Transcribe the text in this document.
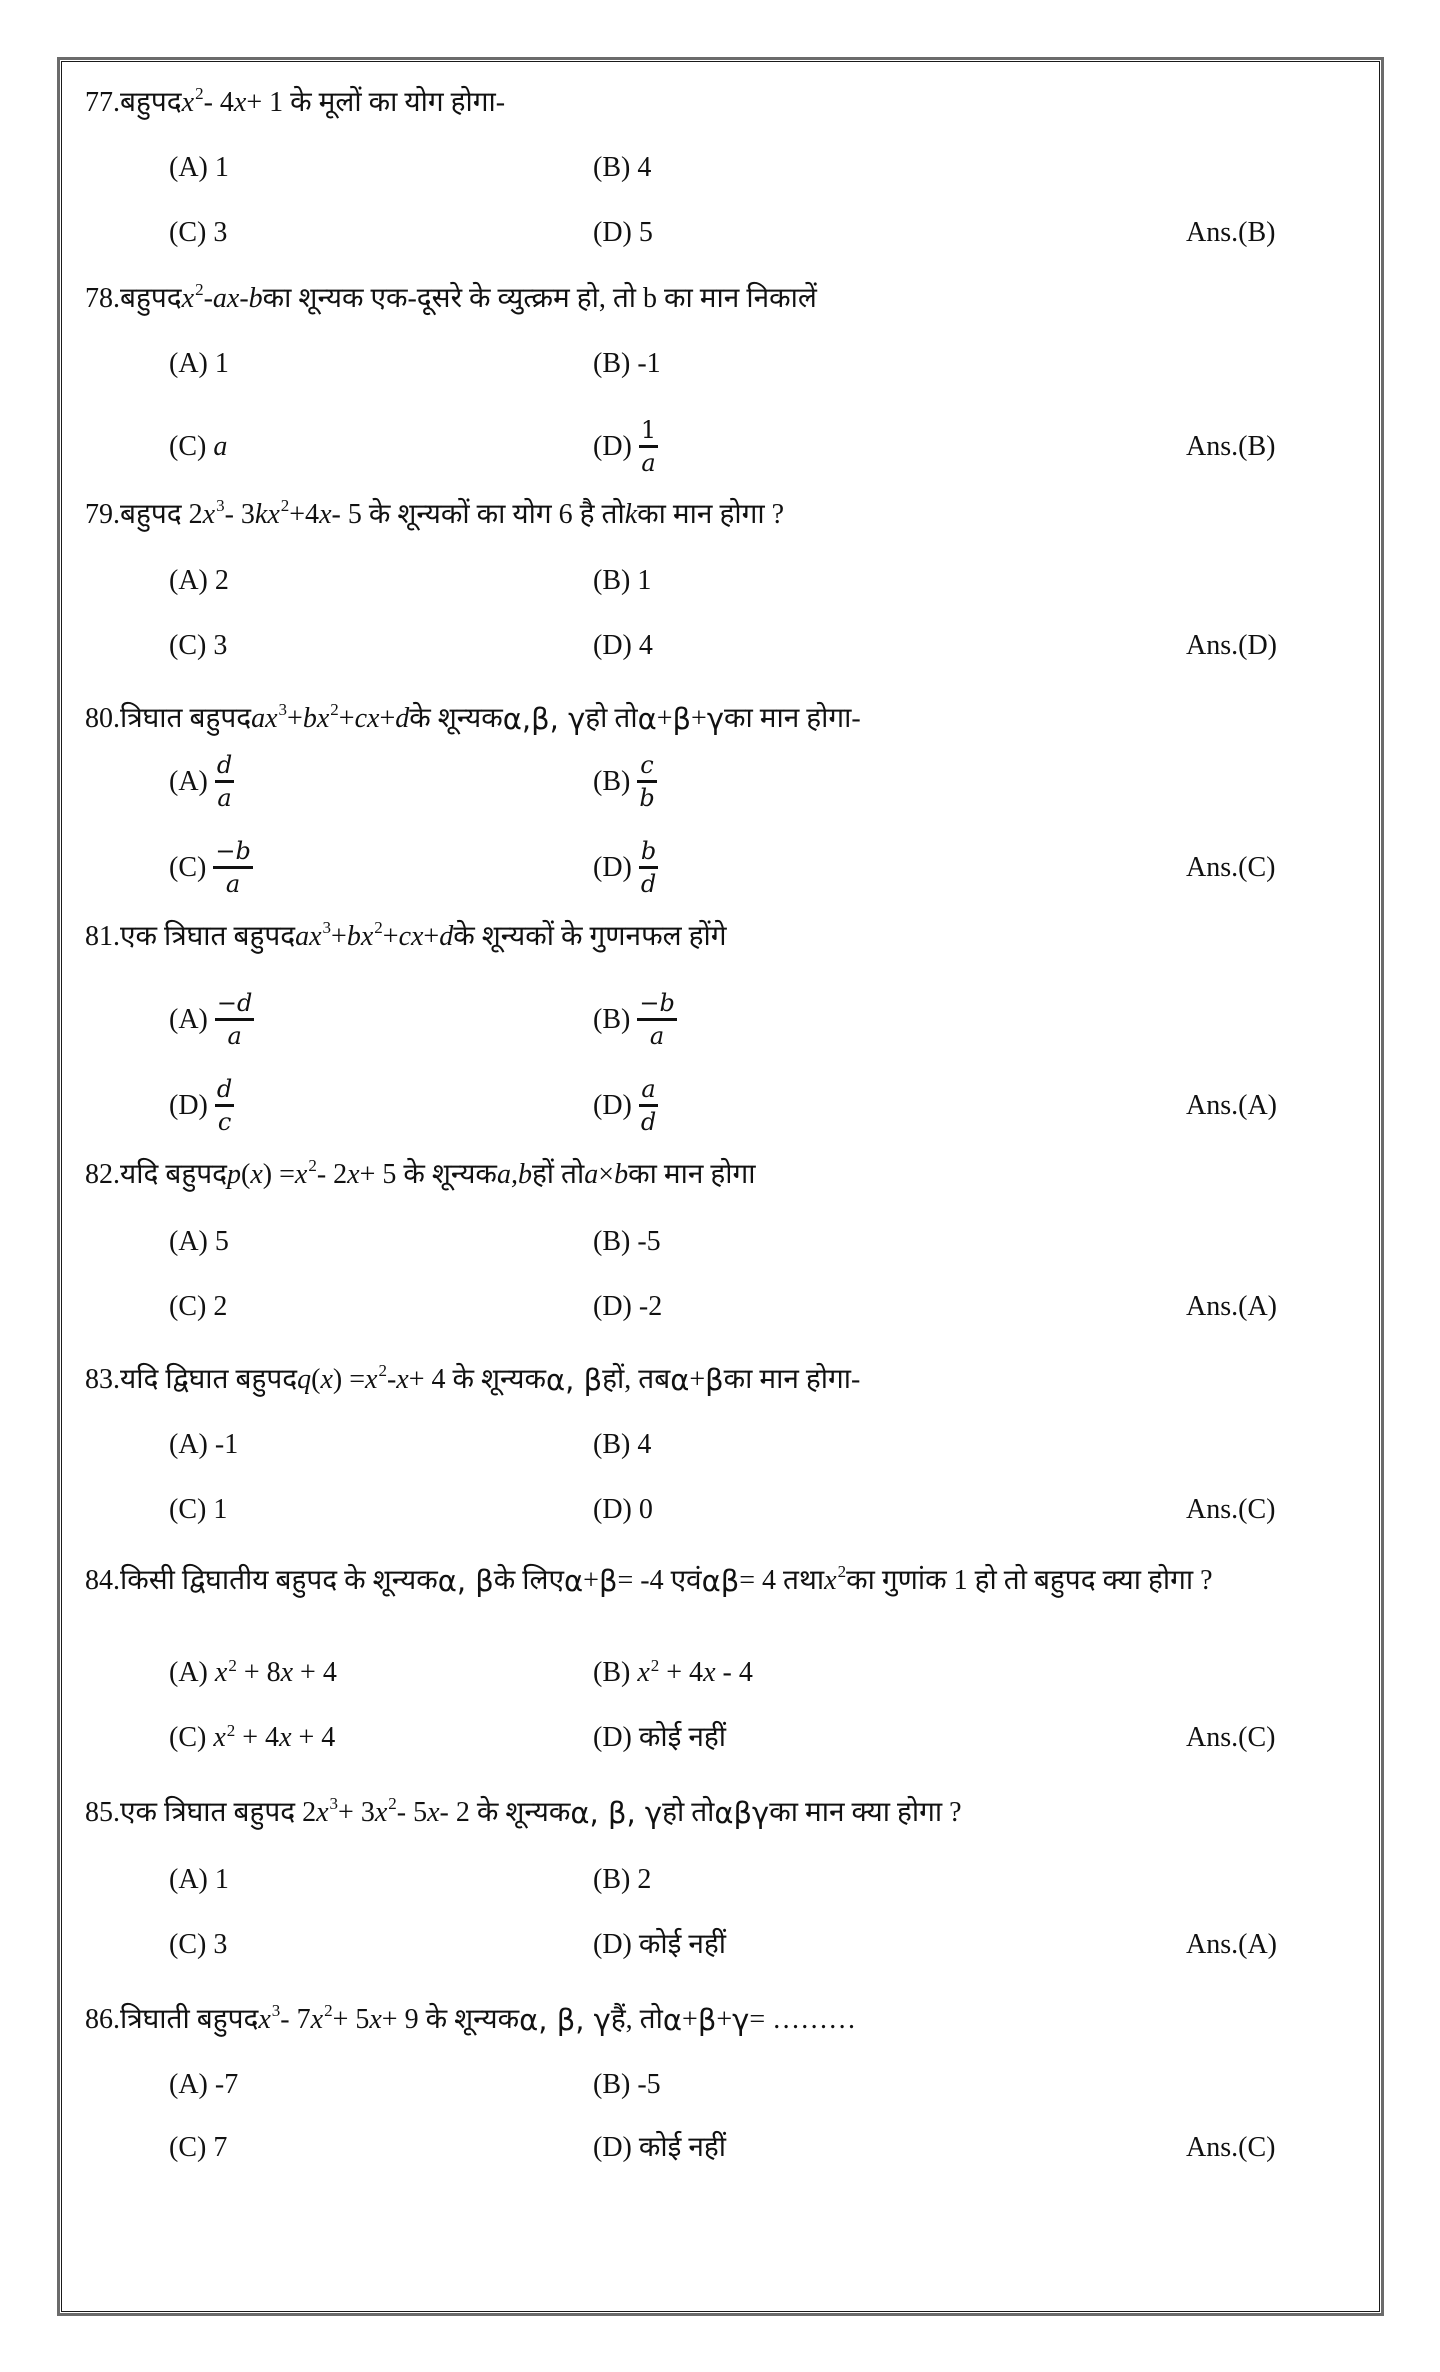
77. बहुपद x 2 - 4 x + 1 के मूलों का योग होगा-
(A) 1	(B) 4
(C) 3	(D) 5	Ans. (B)
78. बहुपद x 2 - ax - b का शून्यक एक-दूसरे के व्युत्क्रम हो, तो b का मान निकालें
(A) 1	(B) -1
(C) a	$(D) \frac{1}{a}$	Ans. (B)
79. बहुपद 2 x 3 - 3 kx 2 +4 x - 5 के शून्यकों का योग 6 है तो k का मान होगा ?
(A) 2	(B) 1
(C) 3	(D) 4	Ans. (D)
80. त्रिघात बहुपद ax 3 + bx 2 + cx + d के शून्यक α,β, γ हो तो α + β + γ का मान होगा-
$(A) \frac{d}{a}$	$(B) \frac{c}{b}$
$(C) \frac{-b}{a}$	$(D) \frac{b}{d}$	Ans. (C)
81. एक त्रिघात बहुपद ax 3 + bx 2 + cx + d के शून्यकों के गुणनफल होंगे
$(A) \frac{-d}{a}$	$(B) \frac{-b}{a}$
$(D) \frac{d}{c}$	$(D) \frac{a}{d}$	Ans. (A)
82. यदि बहुपद p ( x ) = x 2 - 2 x + 5 के शून्यक a,b हों तो a × b का मान होगा
(A) 5	(B) -5
(C) 2	(D) -2	Ans. (A)
83. यदि द्विघात बहुपद q ( x ) = x 2 - x + 4 के शून्यक α, β हों, तब α + β का मान होगा-
(A) -1	(B) 4
(C) 1	(D) 0	Ans. (C)
84. किसी द्विघातीय बहुपद के शून्यक α, β के लिए α + β = -4 एवं αβ = 4 तथा x 2 का गुणांक 1 हो तो बहुपद क्या होगा ?
(A) $x^2 + 8x + 4$	(B) $x^2 + 4x - 4$
(C) $x^2 + 4x + 4$	(D) कोई नहीं	Ans. (C)
85. एक त्रिघात बहुपद 2 x 3 + 3 x 2 - 5 x - 2 के शून्यक α, β, γ हो तो αβγ का मान क्या होगा ?
(A) 1	(B) 2
(C) 3	(D) कोई नहीं	Ans. (A)
86. त्रिघाती बहुपद x 3 - 7 x 2 + 5 x + 9 के शून्यक α, β, γ हैं, तो α + β + γ = ………
(A) -7	(B) -5
(C) 7	(D) कोई नहीं	Ans. (C)
